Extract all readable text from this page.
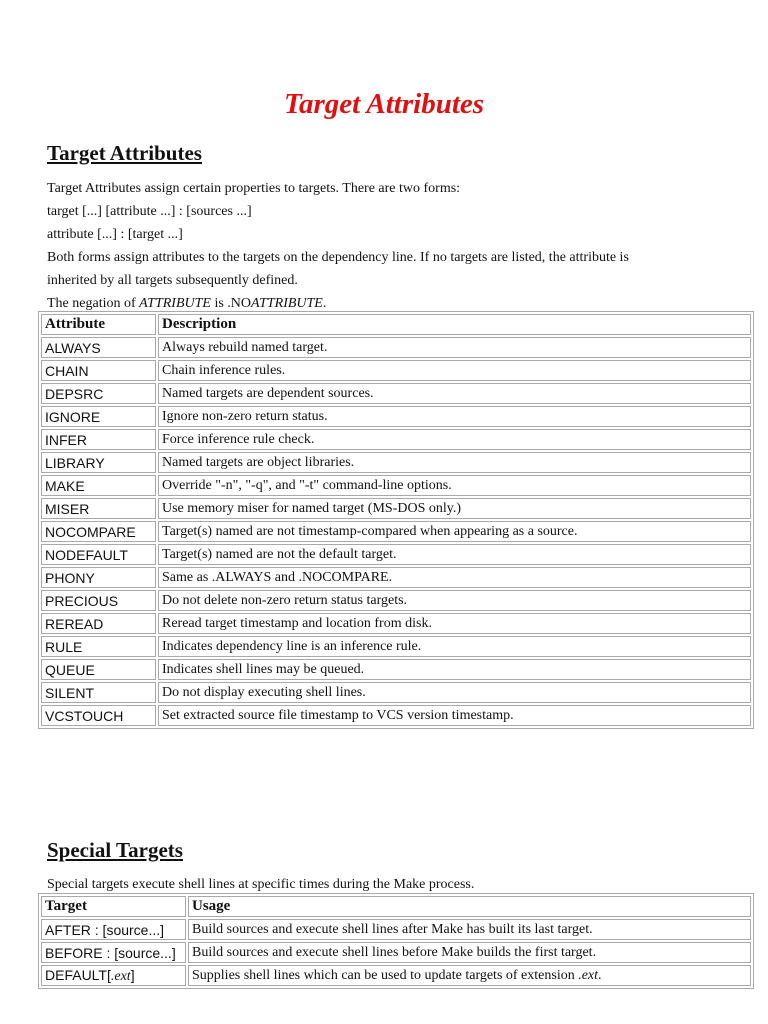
Target Attributes
Target Attributes
Target Attributes assign certain properties to targets. There are two forms:
target [...] [attribute ...] : [sources ...]
attribute [...] : [target ...]
Both forms assign attributes to the targets on the dependency line. If no targets are listed, the attribute is
inherited by all targets subsequently defined.
The negation of ATTRIBUTE is .NOATTRIBUTE.
Attribute	Description
ALWAYS	Always rebuild named target.
CHAIN	Chain inference rules.
DEPSRC	Named targets are dependent sources.
IGNORE	Ignore non-zero return status.
INFER	Force inference rule check.
LIBRARY	Named targets are object libraries.
MAKE	Override "-n", "-q", and "-t" command-line options.
MISER	Use memory miser for named target (MS-DOS only.)
NOCOMPARE	Target(s) named are not timestamp-compared when appearing as a source.
NODEFAULT	Target(s) named are not the default target.
PHONY	Same as .ALWAYS and .NOCOMPARE.
PRECIOUS	Do not delete non-zero return status targets.
REREAD	Reread target timestamp and location from disk.
RULE	Indicates dependency line is an inference rule.
QUEUE	Indicates shell lines may be queued.
SILENT	Do not display executing shell lines.
VCSTOUCH	Set extracted source file timestamp to VCS version timestamp.
Special Targets
Special targets execute shell lines at specific times during the Make process.
Target	Usage
AFTER : [source...]	Build sources and execute shell lines after Make has built its last target.
BEFORE : [source...]	Build sources and execute shell lines before Make builds the first target.
DEFAULT[.ext]	Supplies shell lines which can be used to update targets of extension .ext.
